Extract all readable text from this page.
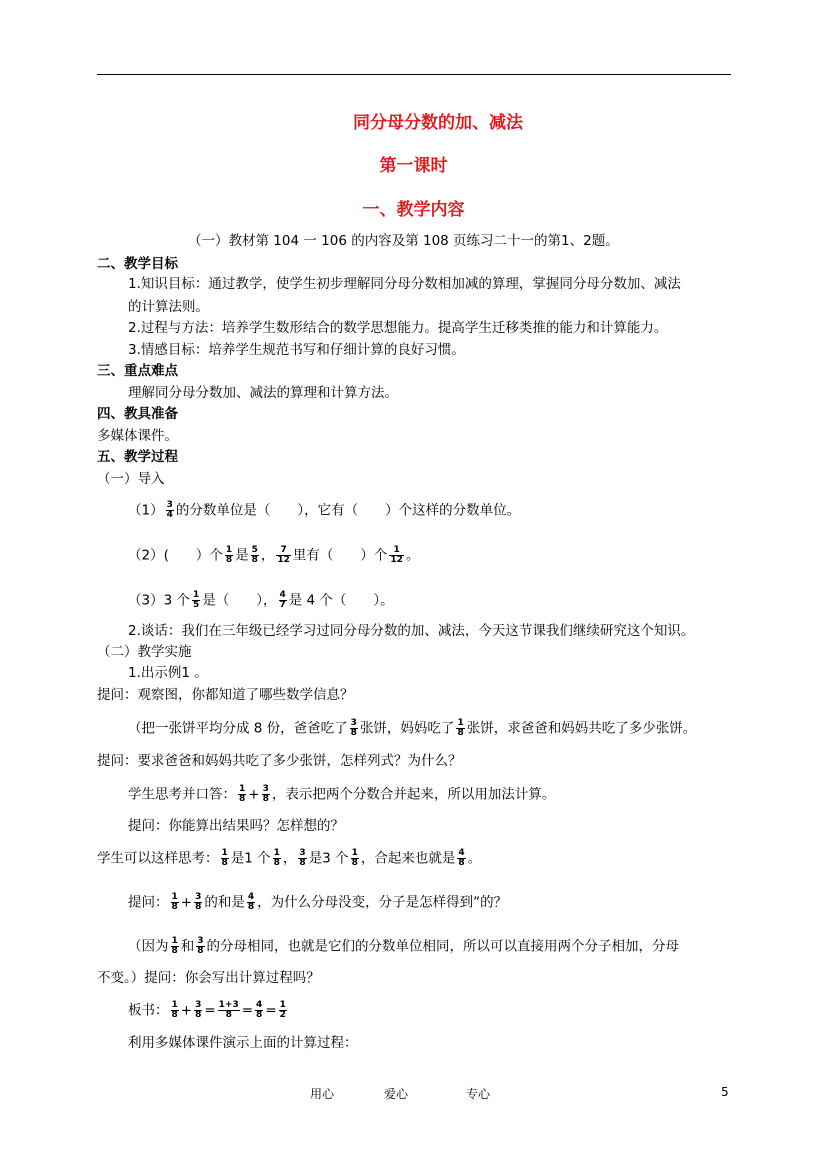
同分母分数的加、减法
第一课时
一、教学内容
（一）教材第 104 一 106 的内容及第 108 页练习二十一的第1、2题。
二、教学目标
1.知识目标：通过教学，使学生初步理解同分母分数相加减的算理，掌握同分母分数加、减法
的计算法则。
2.过程与方法：培养学生数形结合的数学思想能力。提高学生迁移类推的能力和计算能力。
3.情感目标：培养学生规范书写和仔细计算的良好习惯。
三、重点难点
理解同分母分数加、减法的算理和计算方法。
四、教具准备
多媒体课件。
五、教学过程
（一）导入
$(1) \frac{3}{4}$ 的分数单位是（　　），它有（　　）个这样的分数单位。
（2）(　　）个 $\frac{1}{8}$ 是 $\frac{5}{8}$ ， $\frac{7}{12}$ 里有（　　）个 $\frac{1}{12}$ 。
（3）3 个 $\frac{1}{5}$ 是（　　）， $\frac{4}{7}$ 是 4 个（　　）。
2.谈话：我们在三年级已经学习过同分母分数的加、减法，今天这节课我们继续研究这个知识。
（二）教学实施
1.出示例1 。
提问：观察图，你都知道了哪些数学信息？
（把一张饼平均分成 8 份，爸爸吃了 $\frac{3}{8}$ 张饼，妈妈吃了 $\frac{1}{8}$ 张饼，求爸爸和妈妈共吃了多少张饼。
提问：要求爸爸和妈妈共吃了多少张饼，怎样列式？为什么？
学生思考并口答： $\frac{1}{8} + \frac{3}{8}$ ，表示把两个分数合并起来，所以用加法计算。
提问：你能算出结果吗？怎样想的？
学生可以这样思考： $\frac{1}{8}$ 是1 个 $\frac{1}{8}$ ， $\frac{3}{8}$ 是3 个 $\frac{1}{8}$ ，合起来也就是 $\frac{4}{8}$ 。
提问： $\frac{1}{8} + \frac{3}{8}$ 的和是 $\frac{4}{8}$ ，为什么分母没变，分子是怎样得到”的？
（因为 $\frac{1}{8}$ 和 $\frac{3}{8}$ 的分母相同，也就是它们的分数单位相同，所以可以直接用两个分子相加，分母
不变。）提问：你会写出计算过程吗？
板书： $\frac{1}{8} + \frac{3}{8} = \frac{1+3}{8} = \frac{4}{8} = \frac{1}{2}$
利用多媒体课件演示上面的计算过程：
用心	爱心	专心	5
